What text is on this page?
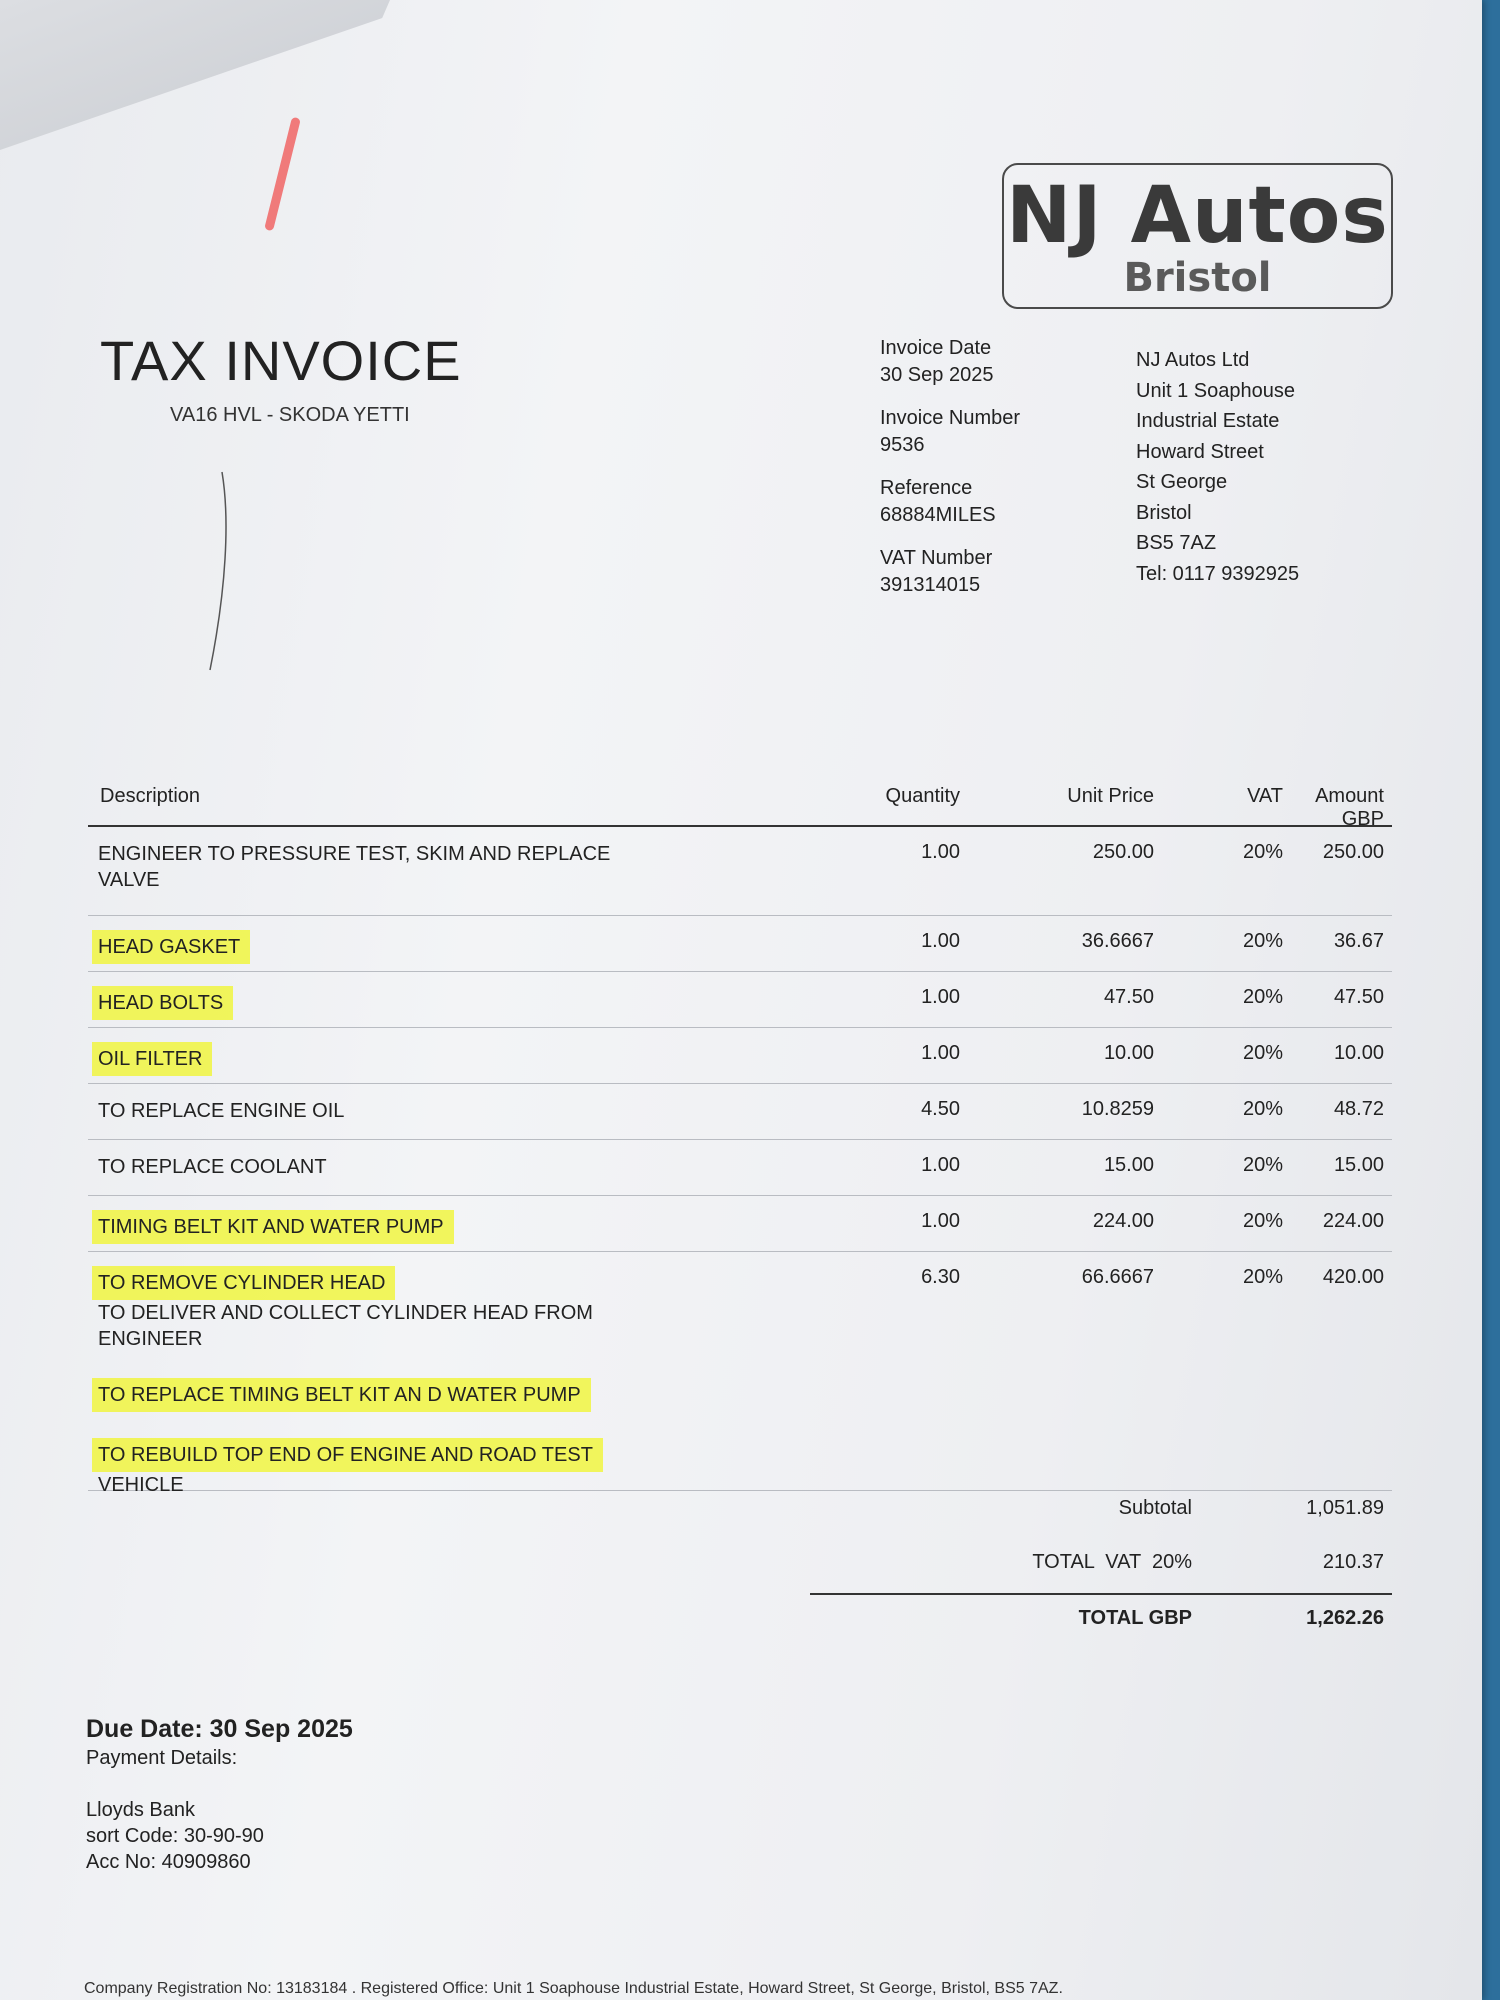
NJ Autos
Bristol
TAX INVOICE
VA16 HVL - SKODA YETTI
Invoice Date
30 Sep 2025
Invoice Number
9536
Reference
68884MILES
VAT Number
391314015
NJ Autos Ltd
Unit 1 Soaphouse
Industrial Estate
Howard Street
St George
Bristol
BS5 7AZ
Tel: 0117 9392925
Description	Quantity	Unit Price	VAT	Amount GBP
ENGINEER TO PRESSURE TEST, SKIM AND REPLACE
VALVE
1.00	250.00	20%	250.00
HEAD GASKET	1.00	36.6667	20%	36.67
HEAD BOLTS	1.00	47.50	20%	47.50
OIL FILTER	1.00	10.00	20%	10.00
TO REPLACE ENGINE OIL	4.50	10.8259	20%	48.72
TO REPLACE COOLANT	1.00	15.00	20%	15.00
TIMING BELT KIT AND WATER PUMP	1.00	224.00	20%	224.00
TO REMOVE CYLINDER HEAD
TO DELIVER AND COLLECT CYLINDER HEAD FROM
ENGINEER
TO REPLACE TIMING BELT KIT AN D WATER PUMP
TO REBUILD TOP END OF ENGINE AND ROAD TEST
VEHICLE
6.30	66.6667	20%	420.00
Subtotal	1,051.89
TOTAL  VAT  20%	210.37
TOTAL GBP	1,262.26
Due Date: 30 Sep 2025
Payment Details:
Lloyds Bank
sort Code: 30-90-90
Acc No: 40909860
Company Registration No: 13183184 . Registered Office: Unit 1 Soaphouse Industrial Estate, Howard Street, St George, Bristol, BS5 7AZ.
